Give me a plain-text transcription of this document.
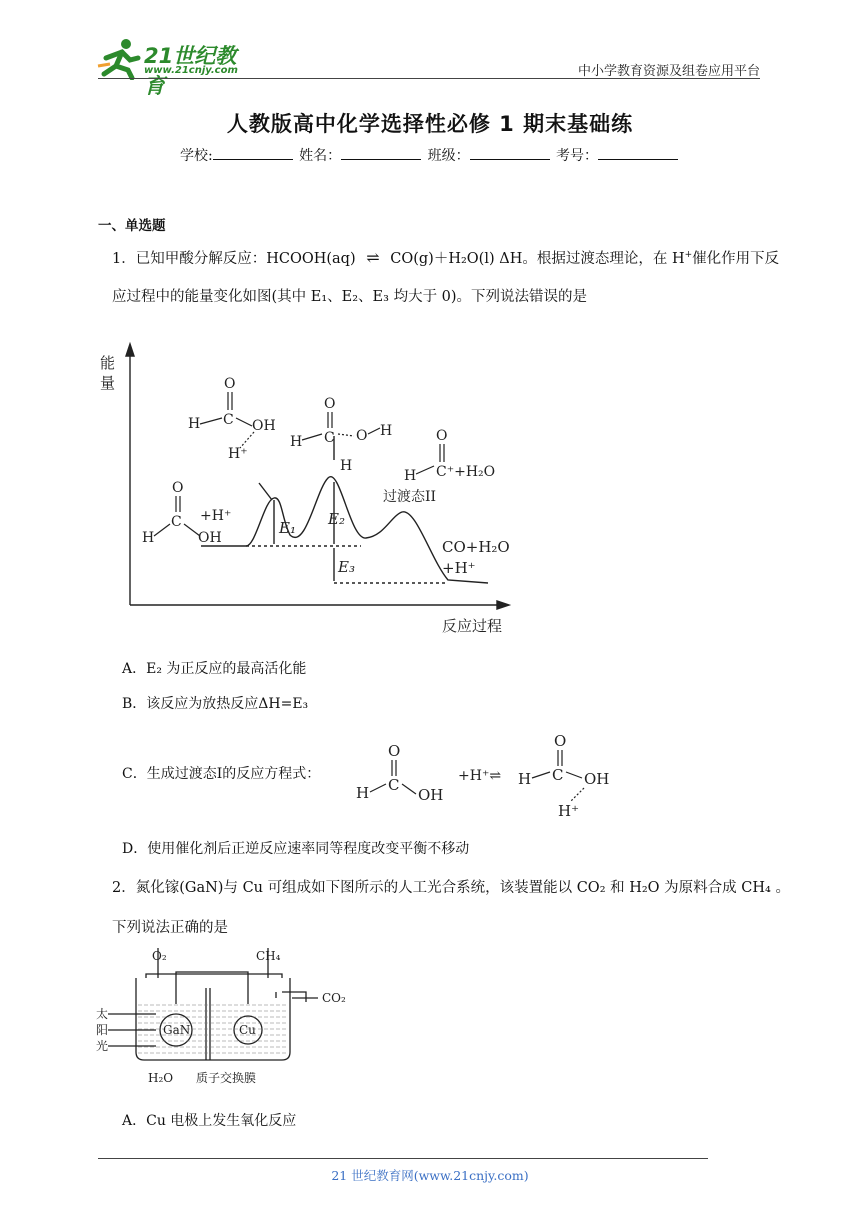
21世纪教育
www.21cnjy.com	中小学教育资源及组卷应用平台
人教版高中化学选择性必修 1 期末基础练
学校:	姓名：	班级：	考号：
一、单选题
1．已知甲酸分解反应：HCOOH(aq) ⇌ CO(g)＋H₂O(l) ΔH。根据过渡态理论，在 H+催化作用下反
应过程中的能量变化如图(其中 E₁、E₂、E₃ 均大于 0)。下列说法错误的是
能
量
反应过程
过渡态II
CO+H₂O
+H⁺
E₁ E₂
E₃
O
C
H	OH
+H⁺
O
C
H	OH
H⁺
O
C
H	O H
H
O
C⁺+H₂O
H
A．E₂ 为正反应的最高活化能
B．该反应为放热反应ΔH=E₃
C．生成过渡态Ⅰ的反应方程式：
O
C
H	OH
+H⁺⇌
O
C
H	OH
H⁺
D．使用催化剂后正逆反应速率同等程度改变平衡不移动
2．氮化镓(GaN)与 Cu 可组成如下图所示的人工光合系统，该装置能以 CO₂ 和 H₂O 为原料合成 CH₄ 。
下列说法正确的是
O₂	CH₄
CO₂
太
阳
光
GaN	Cu
H₂O 质子交换膜
A．Cu 电极上发生氧化反应
21 世纪教育网(www.21cnjy.com)
